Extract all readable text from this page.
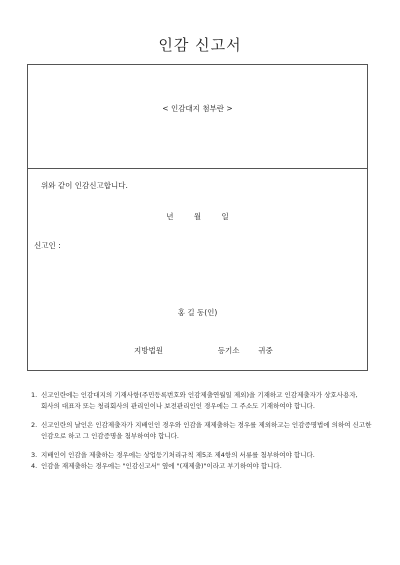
인감 신고서
< 인감대지 첨부란 >
위와 같이 인감신고합니다.
년	월	일
신고인 :
홍 길 동(인)
지방법원	등기소	귀중
1. 신고인란에는 인감대지의 기재사항(주민등록번호와 인감제출연월일 제외)을 기재하고 인감제출자가 상호사용자, 회사의 대표자 또는 청리회사의 관리인이나 보전관리인인 경우에는 그 주소도 기재하여야 합니다.
2. 신고인란의 날인은 인감제출자가 지배인인 경우와 인감을 재제출하는 경우를 제외하고는 인감증명법에 의하여 신고한 인감으로 하고 그 인감증명을 첨부하여야 합니다.
3. 지배인이 인감을 제출하는 경우에는 상업등기처리규칙 제5조 제4항의 서류를 첨부하여야 합니다.
4. 인감을 재제출하는 경우에는 "인감신고서" 옆에 "(재제출)"이라고 부기하여야 합니다.
